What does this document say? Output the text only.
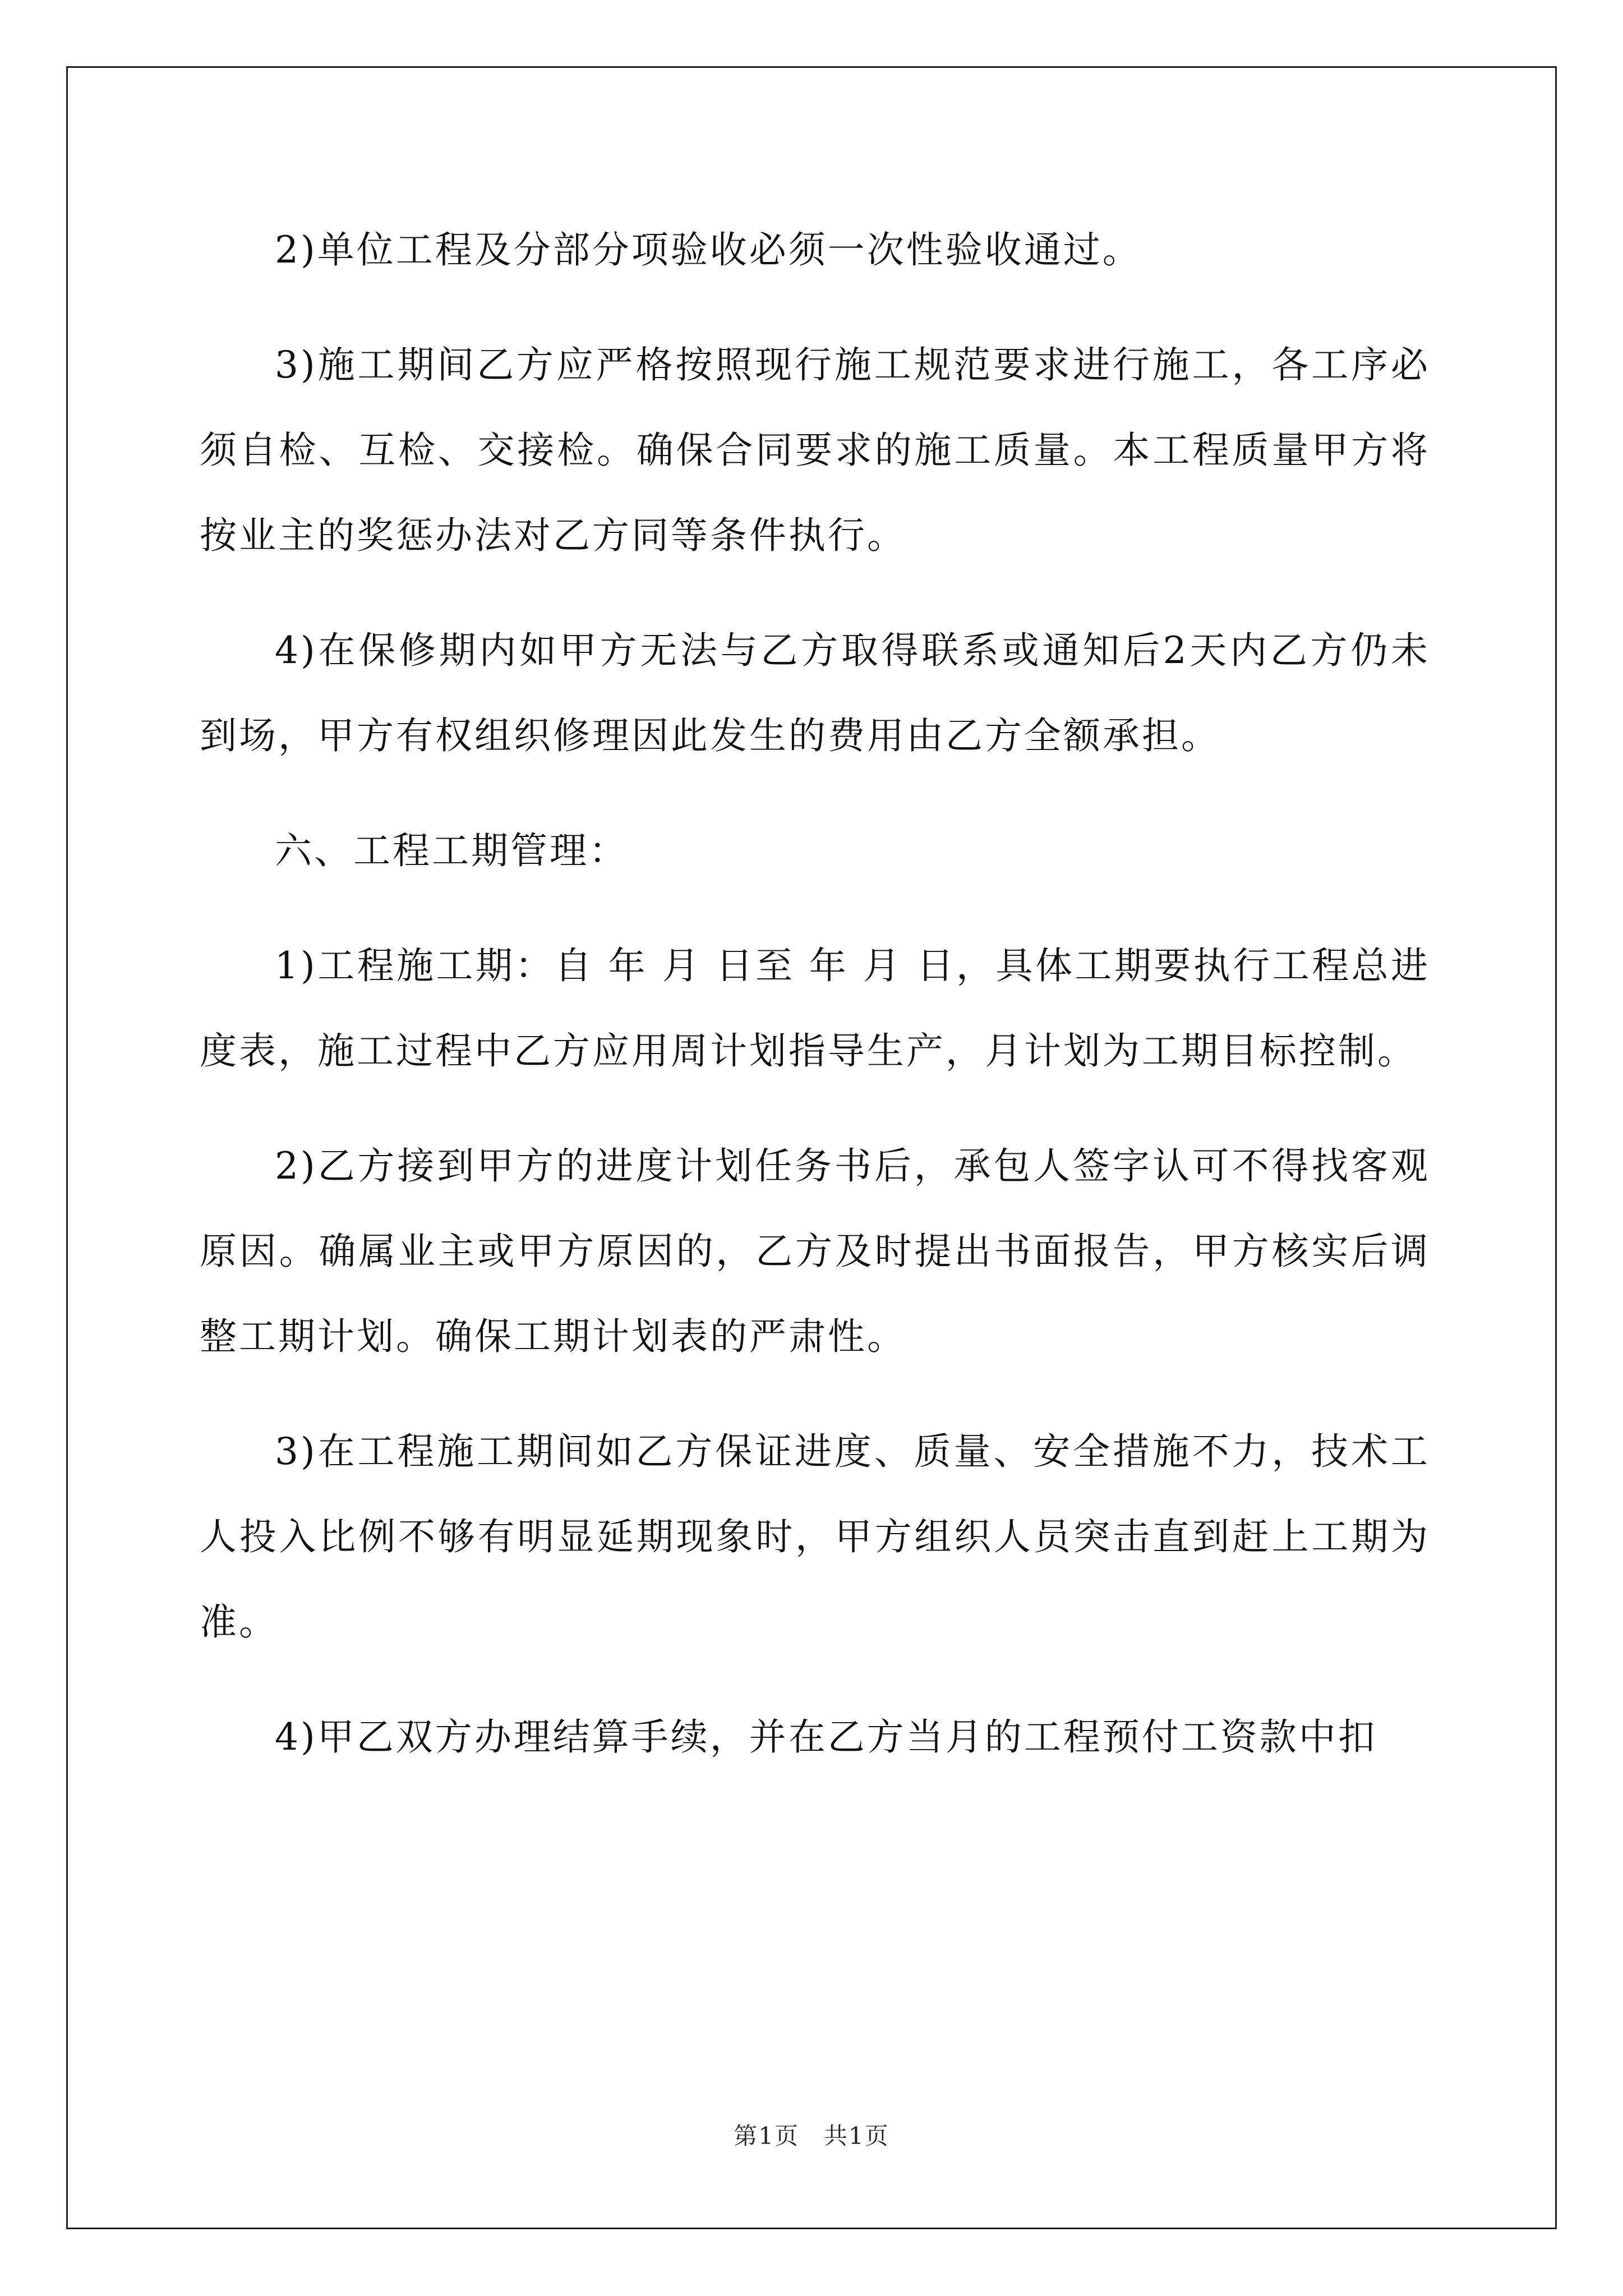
2)单位工程及分部分项验收必须一次性验收通过。

3)施工期间乙方应严格按照现行施工规范要求进行施工，各工序必须自检、互检、交接检。确保合同要求的施工质量。本工程质量甲方将按业主的奖惩办法对乙方同等条件执行。

4)在保修期内如甲方无法与乙方取得联系或通知后2天内乙方仍未到场，甲方有权组织修理因此发生的费用由乙方全额承担。

六、工程工期管理：

1)工程施工期：自 年 月 日至 年 月 日，具体工期要执行工程总进度表，施工过程中乙方应用周计划指导生产，月计划为工期目标控制。

2)乙方接到甲方的进度计划任务书后，承包人签字认可不得找客观原因。确属业主或甲方原因的，乙方及时提出书面报告，甲方核实后调整工期计划。确保工期计划表的严肃性。

3)在工程施工期间如乙方保证进度、质量、安全措施不力，技术工人投入比例不够有明显延期现象时，甲方组织人员突击直到赶上工期为准。

4)甲乙双方办理结算手续，并在乙方当月的工程预付工资款中扣

第1页　共1页
